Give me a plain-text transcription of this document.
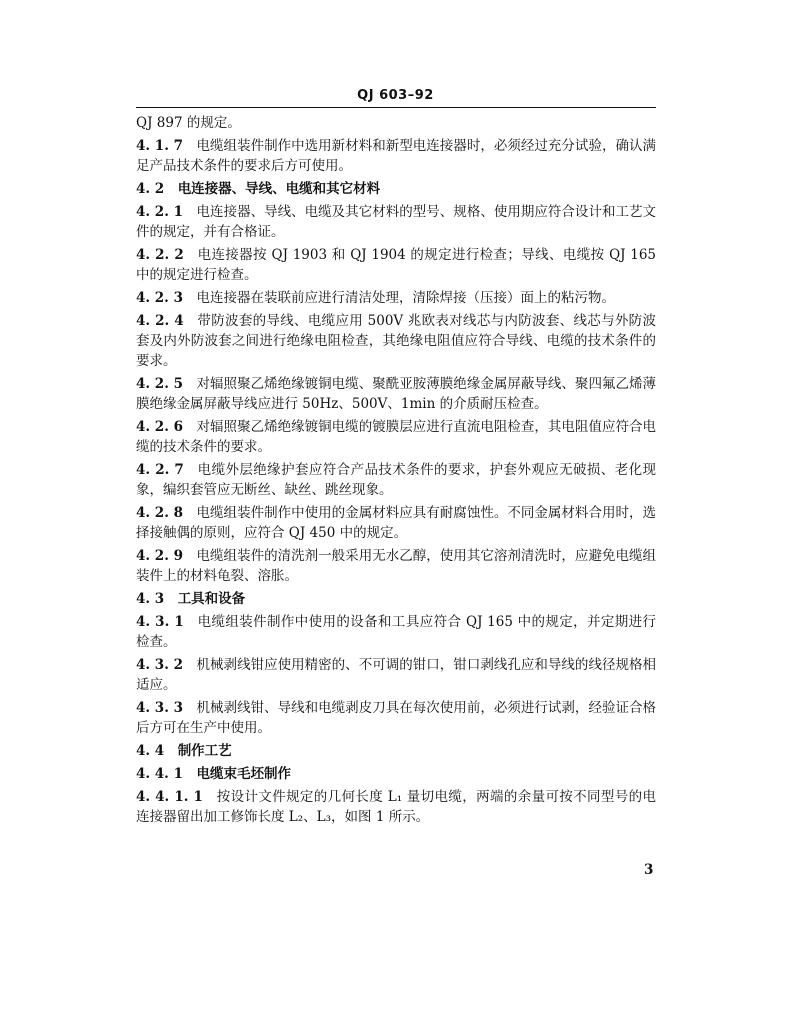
QJ 603–92
QJ 897 的规定。
4. 1. 7  电缆组装件制作中选用新材料和新型电连接器时，必须经过充分试验，确认满足产品技术条件的要求后方可使用。
4. 2  电连接器、导线、电缆和其它材料
4. 2. 1  电连接器、导线、电缆及其它材料的型号、规格、使用期应符合设计和工艺文件的规定，并有合格证。
4. 2. 2  电连接器按 QJ 1903 和 QJ 1904 的规定进行检查；导线、电缆按 QJ 165 中的规定进行检查。
4. 2. 3  电连接器在装联前应进行清洁处理，清除焊接（压接）面上的粘污物。
4. 2. 4  带防波套的导线、电缆应用 500V 兆欧表对线芯与内防波套、线芯与外防波套及内外防波套之间进行绝缘电阻检查，其绝缘电阻值应符合导线、电缆的技术条件的要求。
4. 2. 5  对辐照聚乙烯绝缘镀铜电缆、聚酰亚胺薄膜绝缘金属屏蔽导线、聚四氟乙烯薄膜绝缘金属屏蔽导线应进行 50Hz、500V、1min 的介质耐压检查。
4. 2. 6  对辐照聚乙烯绝缘镀铜电缆的镀膜层应进行直流电阻检查，其电阻值应符合电缆的技术条件的要求。
4. 2. 7  电缆外层绝缘护套应符合产品技术条件的要求，护套外观应无破损、老化现象，编织套管应无断丝、缺丝、跳丝现象。
4. 2. 8  电缆组装件制作中使用的金属材料应具有耐腐蚀性。不同金属材料合用时，选择接触偶的原则，应符合 QJ 450 中的规定。
4. 2. 9  电缆组装件的清洗剂一般采用无水乙醇，使用其它溶剂清洗时，应避免电缆组装件上的材料龟裂、溶胀。
4. 3  工具和设备
4. 3. 1  电缆组装件制作中使用的设备和工具应符合 QJ 165 中的规定，并定期进行检查。
4. 3. 2  机械剥线钳应使用精密的、不可调的钳口，钳口剥线孔应和导线的线径规格相适应。
4. 3. 3  机械剥线钳、导线和电缆剥皮刀具在每次使用前，必须进行试剥，经验证合格后方可在生产中使用。
4. 4  制作工艺
4. 4. 1  电缆束毛坯制作
4. 4. 1. 1  按设计文件规定的几何长度 L₁ 量切电缆，两端的余量可按不同型号的电连接器留出加工修饰长度 L₂、L₃，如图 1 所示。
3
